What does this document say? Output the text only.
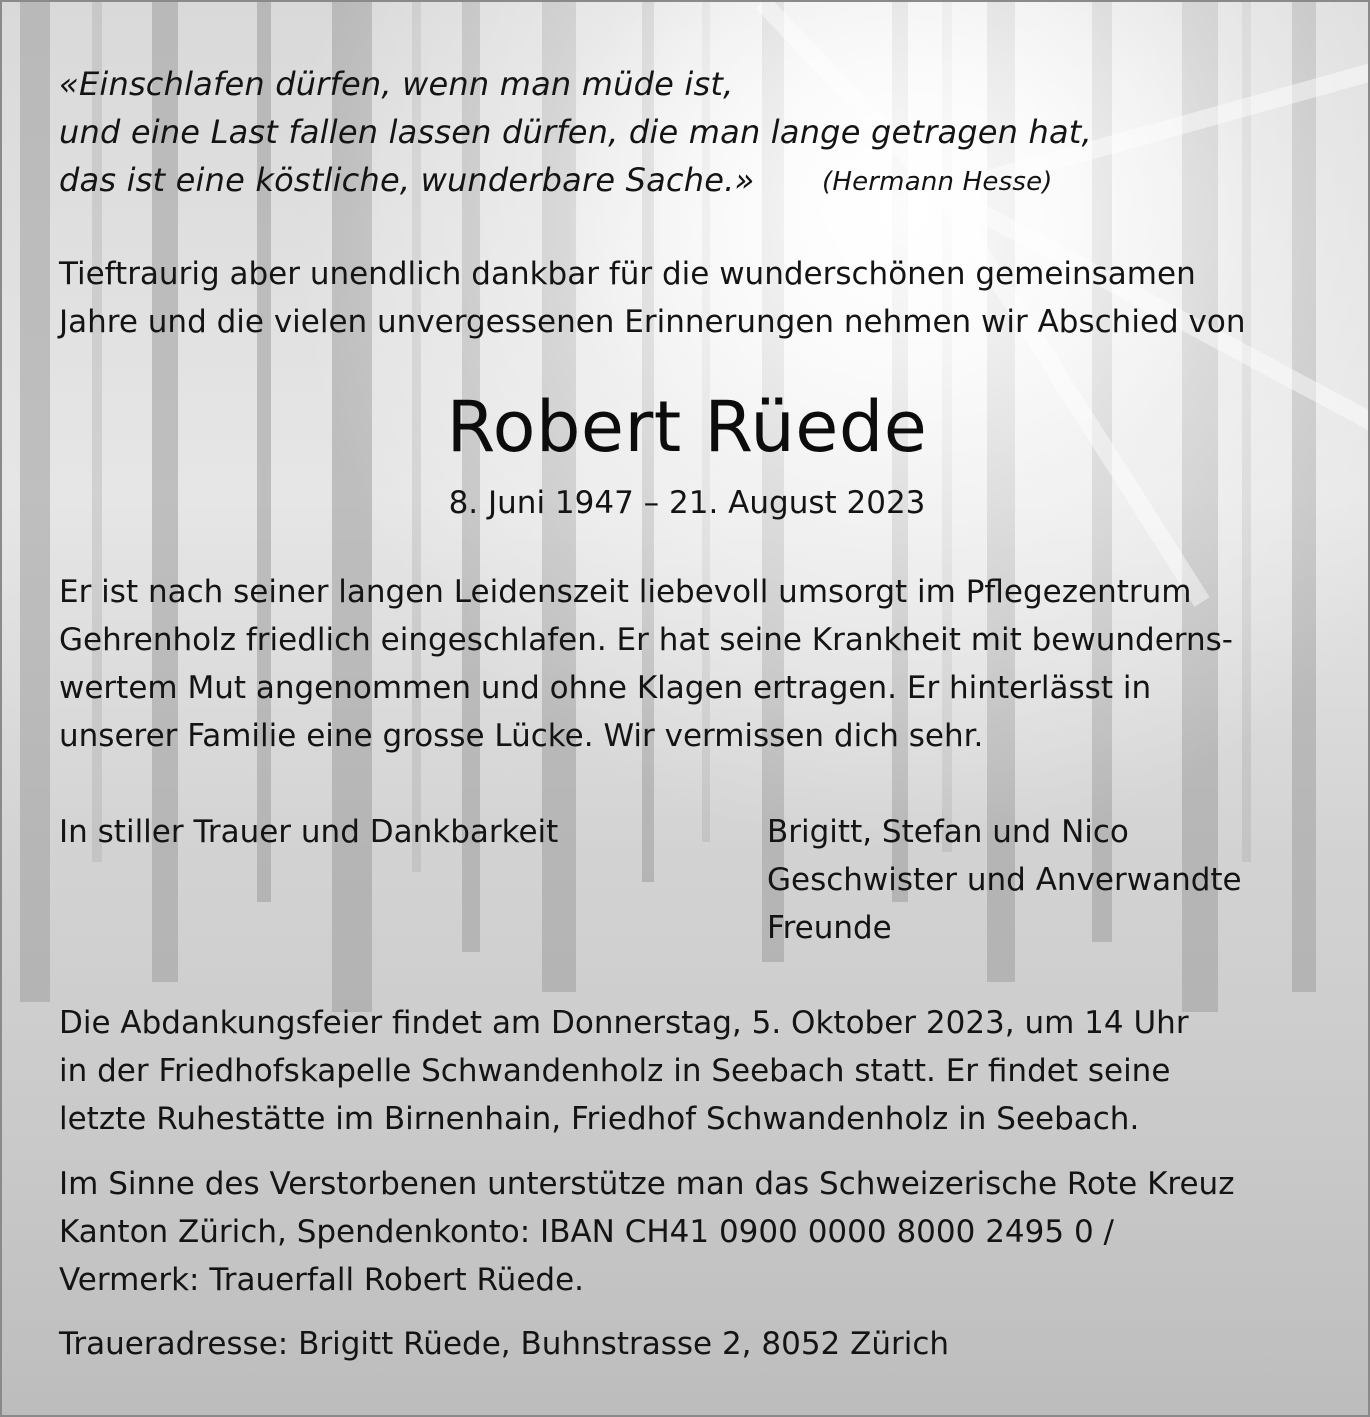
«Einschlafen dürfen, wenn man müde ist,
und eine Last fallen lassen dürfen, die man lange getragen hat,
das ist eine köstliche, wunderbare Sache.»	(Hermann Hesse)
Tieftraurig aber unendlich dankbar für die wunderschönen gemeinsamen
Jahre und die vielen unvergessenen Erinnerungen nehmen wir Abschied von
Robert Rüede
8. Juni 1947 – 21. August 2023
Er ist nach seiner langen Leidenszeit liebevoll umsorgt im Pflegezentrum
Gehrenholz friedlich eingeschlafen. Er hat seine Krankheit mit bewunderns-
wertem Mut angenommen und ohne Klagen ertragen. Er hinterlässt in
unserer Familie eine grosse Lücke. Wir vermissen dich sehr.
In stiller Trauer und Dankbarkeit	Brigitt, Stefan und Nico
Geschwister und Anverwandte
Freunde
Die Abdankungsfeier findet am Donnerstag, 5. Oktober 2023, um 14 Uhr
in der Friedhofskapelle Schwandenholz in Seebach statt. Er findet seine
letzte Ruhestätte im Birnenhain, Friedhof Schwandenholz in Seebach.
Im Sinne des Verstorbenen unterstütze man das Schweizerische Rote Kreuz
Kanton Zürich, Spendenkonto: IBAN CH41 0900 0000 8000 2495 0 /
Vermerk: Trauerfall Robert Rüede.
Traueradresse: Brigitt Rüede, Buhnstrasse 2, 8052 Zürich
